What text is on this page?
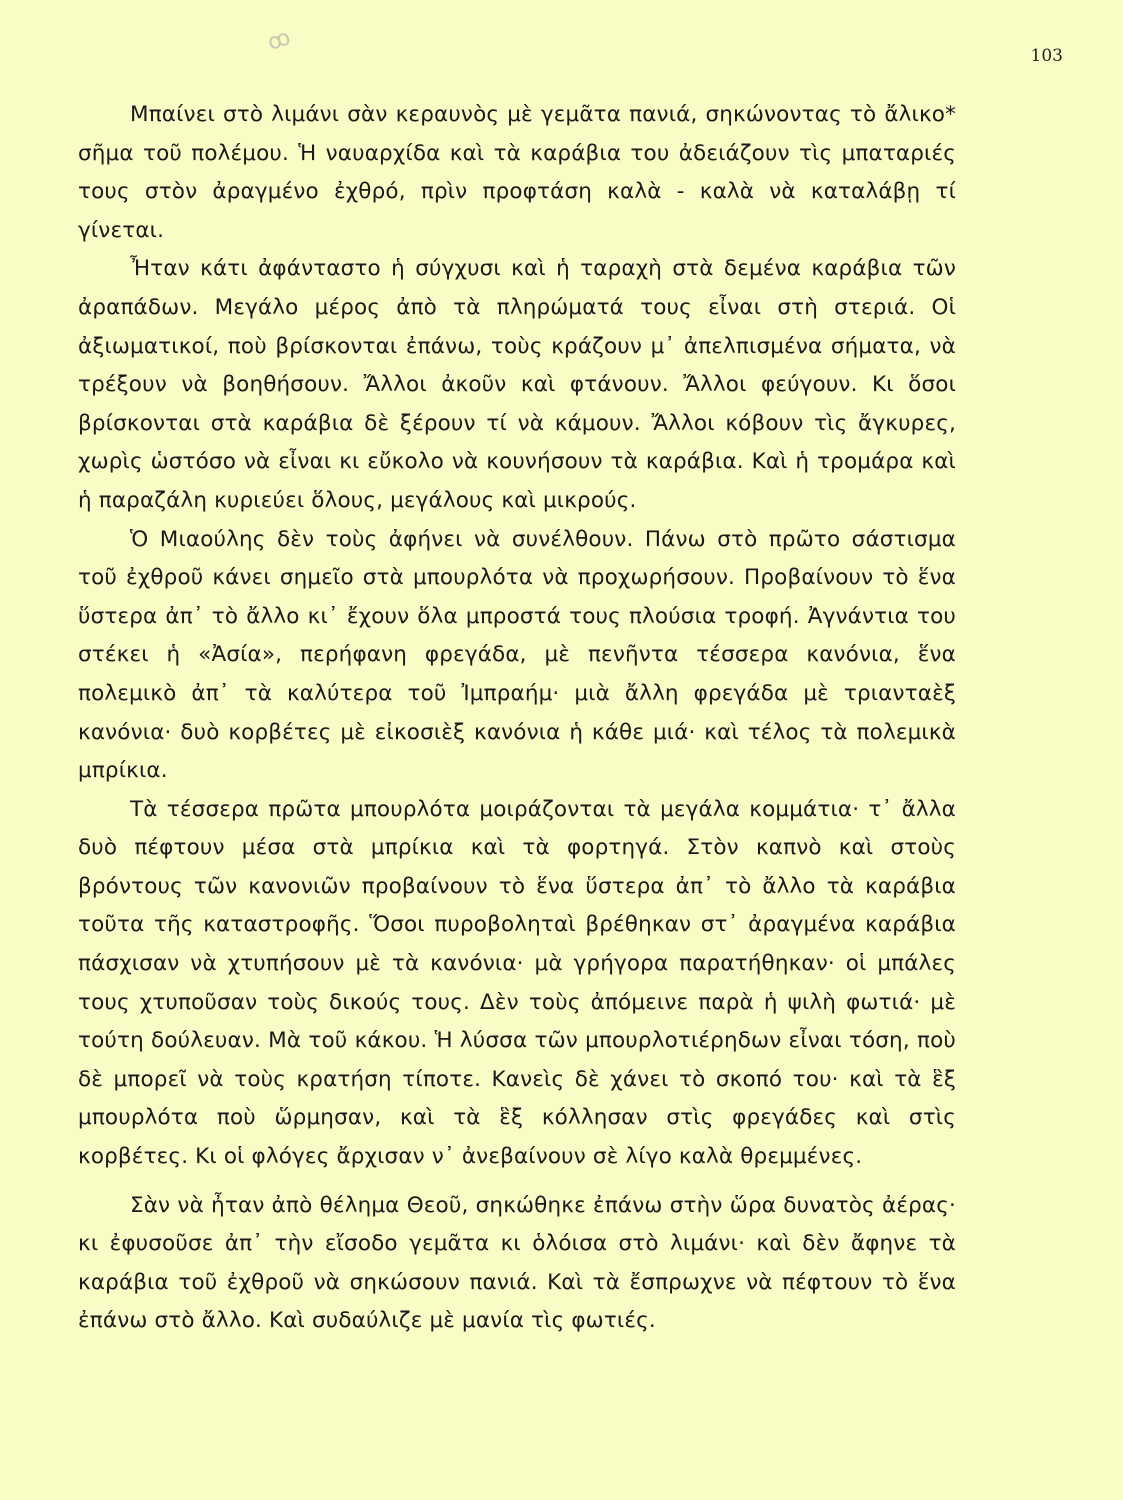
ꝏ
103

Μπαίνει στὸ λιμάνι σὰν κεραυνὸς μὲ γεμᾶτα πανιά, σηκώνοντας τὸ ἄλικο* σῆμα τοῦ πολέμου. Ἡ ναυαρχίδα καὶ τὰ καράβια του ἀδειάζουν τὶς μπαταριές τους στὸν ἀραγμένο ἐχθρό, πρὶν προφτάση καλὰ - καλὰ νὰ καταλάβῃ τί γίνεται.

Ἦταν κάτι ἀφάνταστο ἡ σύγχυσι καὶ ἡ ταραχὴ στὰ δεμένα καράβια τῶν ἀραπάδων. Μεγάλο μέρος ἀπὸ τὰ πληρώματά τους εἶναι στὴ στεριά. Οἱ ἀξιωματικοί, ποὺ βρίσκονται ἐπάνω, τοὺς κράζουν μ᾽ ἀπελπισμένα σήματα, νὰ τρέξουν νὰ βοηθήσουν. Ἄλλοι ἀκοῦν καὶ φτάνουν. Ἄλλοι φεύγουν. Κι ὅσοι βρίσκονται στὰ καράβια δὲ ξέρουν τί νὰ κάμουν. Ἄλλοι κόβουν τὶς ἄγκυρες, χωρὶς ὡστόσο νὰ εἶναι κι εὔκολο νὰ κουνήσουν τὰ καράβια. Καὶ ἡ τρομάρα καὶ ἡ παραζάλη κυριεύει ὅλους, μεγάλους καὶ μικρούς.

Ὁ Μιαούλης δὲν τοὺς ἀφήνει νὰ συνέλθουν. Πάνω στὸ πρῶτο σάστισμα τοῦ ἐχθροῦ κάνει σημεῖο στὰ μπουρλότα νὰ προχωρήσουν. Προβαίνουν τὸ ἕνα ὕστερα ἀπ᾽ τὸ ἄλλο κι᾽ ἔχουν ὅλα μπροστά τους πλούσια τροφή. Ἀγνάντια του στέκει ἡ «Ἀσία», περήφανη φρεγάδα, μὲ πενῆντα τέσσερα κανόνια, ἕνα πολεμικὸ ἀπ᾽ τὰ καλύτερα τοῦ Ἰμπραήμ· μιὰ ἄλλη φρεγάδα μὲ τριανταὲξ κανόνια· δυὸ κορβέτες μὲ εἰκοσιὲξ κανόνια ἡ κάθε μιά· καὶ τέλος τὰ πολεμικὰ μπρίκια.

Τὰ τέσσερα πρῶτα μπουρλότα μοιράζονται τὰ μεγάλα κομμάτια· τ᾽ ἄλλα δυὸ πέφτουν μέσα στὰ μπρίκια καὶ τὰ φορτηγά. Στὸν καπνὸ καὶ στοὺς βρόντους τῶν κανονιῶν προβαίνουν τὸ ἕνα ὕστερα ἀπ᾽ τὸ ἄλλο τὰ καράβια τοῦτα τῆς καταστροφῆς. Ὅσοι πυροβοληταὶ βρέθηκαν στ᾽ ἀραγμένα καράβια πάσχισαν νὰ χτυπήσουν μὲ τὰ κανόνια· μὰ γρήγορα παρατήθηκαν· οἱ μπάλες τους χτυποῦσαν τοὺς δικούς τους. Δὲν τοὺς ἀπόμεινε παρὰ ἡ ψιλὴ φωτιά· μὲ τούτη δούλευαν. Μὰ τοῦ κάκου. Ἡ λύσσα τῶν μπουρλοτιέρηδων εἶναι τόση, ποὺ δὲ μπορεῖ νὰ τοὺς κρατήση τίποτε. Κανεὶς δὲ χάνει τὸ σκοπό του· καὶ τὰ ἓξ μπουρλότα ποὺ ὥρμησαν, καὶ τὰ ἓξ κόλλησαν στὶς φρεγάδες καὶ στὶς κορβέτες. Κι οἱ φλόγες ἄρχισαν ν᾽ ἀνεβαίνουν σὲ λίγο καλὰ θρεμμένες.

Σὰν νὰ ἦταν ἀπὸ θέλημα Θεοῦ, σηκώθηκε ἐπάνω στὴν ὥρα δυνατὸς ἀέρας· κι ἐφυσοῦσε ἀπ᾽ τὴν εἴσοδο γεμᾶτα κι ὁλόισα στὸ λιμάνι· καὶ δὲν ἄφηνε τὰ καράβια τοῦ ἐχθροῦ νὰ σηκώσουν πανιά. Καὶ τὰ ἔσπρωχνε νὰ πέφτουν τὸ ἕνα ἐπάνω στὸ ἄλλο. Καὶ συδαύλιζε μὲ μανία τὶς φωτιές.
